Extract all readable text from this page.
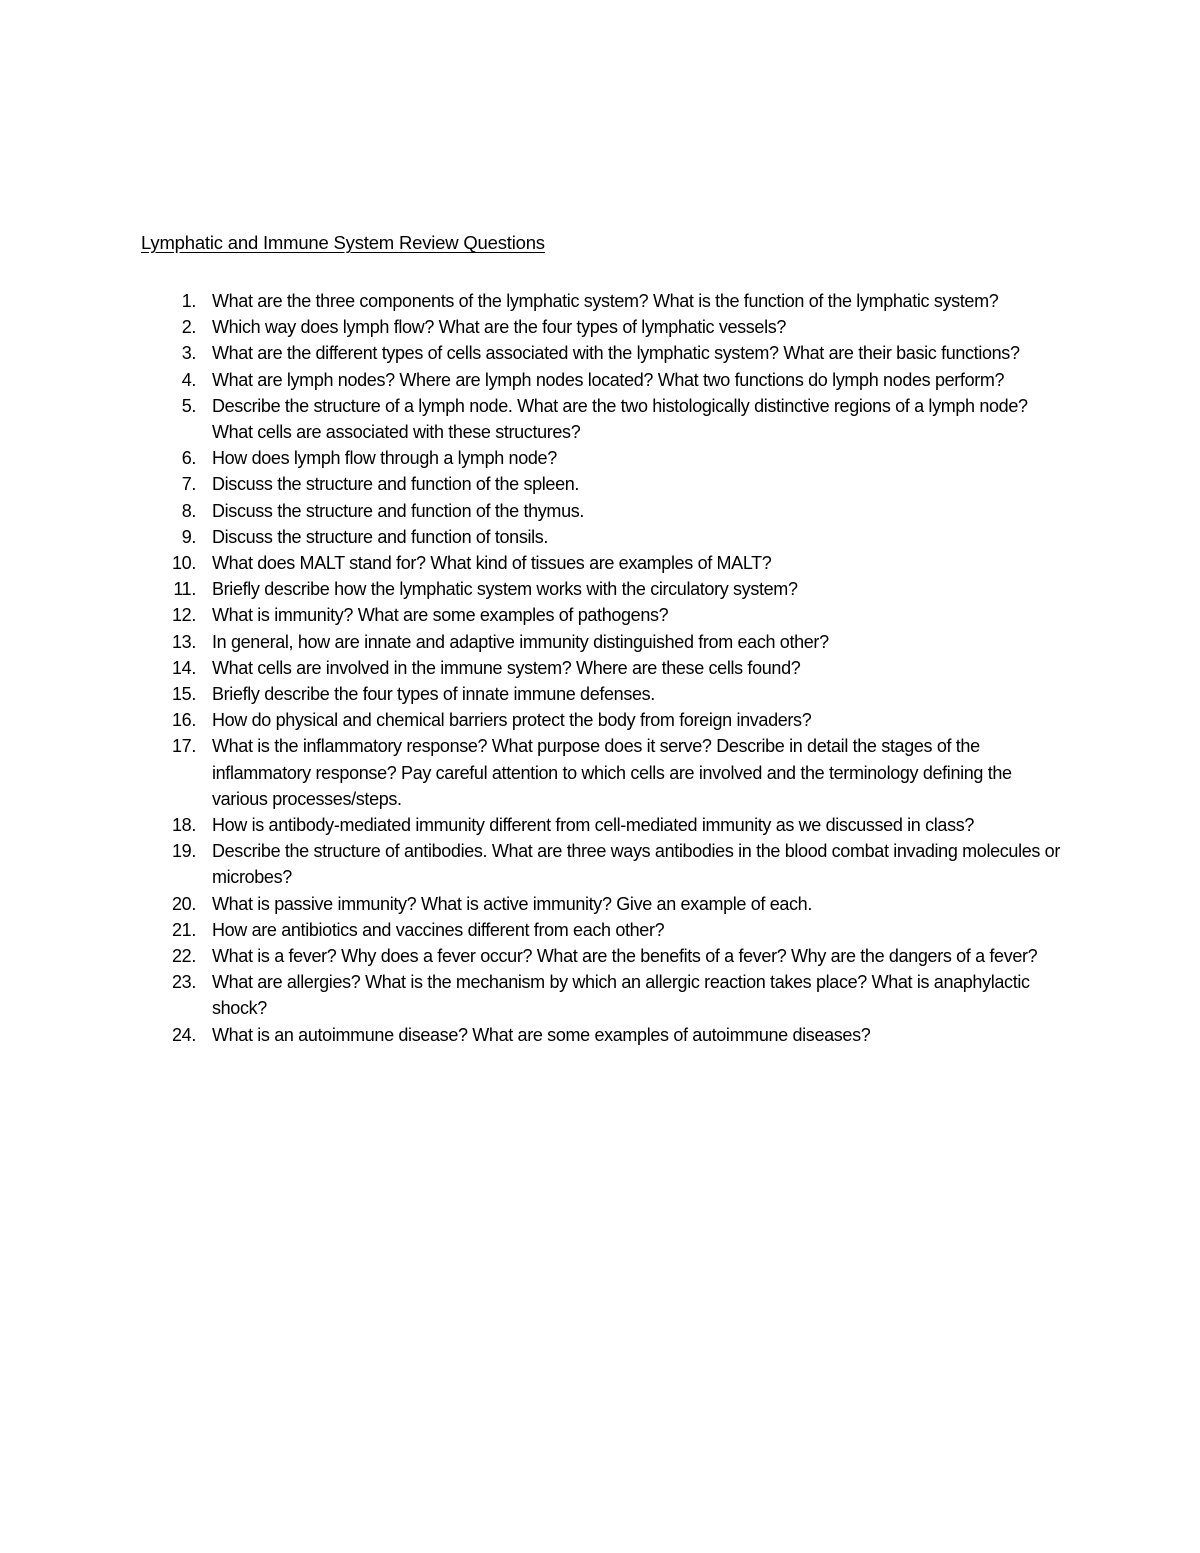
Lymphatic and Immune System Review Questions
1. What are the three components of the lymphatic system? What is the function of the lymphatic system?
2. Which way does lymph flow? What are the four types of lymphatic vessels?
3. What are the different types of cells associated with the lymphatic system? What are their basic functions?
4. What are lymph nodes? Where are lymph nodes located? What two functions do lymph nodes perform?
5. Describe the structure of a lymph node. What are the two histologically distinctive regions of a lymph node? What cells are associated with these structures?
6. How does lymph flow through a lymph node?
7. Discuss the structure and function of the spleen.
8. Discuss the structure and function of the thymus.
9. Discuss the structure and function of tonsils.
10. What does MALT stand for? What kind of tissues are examples of MALT?
11. Briefly describe how the lymphatic system works with the circulatory system?
12. What is immunity? What are some examples of pathogens?
13. In general, how are innate and adaptive immunity distinguished from each other?
14. What cells are involved in the immune system? Where are these cells found?
15. Briefly describe the four types of innate immune defenses.
16. How do physical and chemical barriers protect the body from foreign invaders?
17. What is the inflammatory response? What purpose does it serve? Describe in detail the stages of the inflammatory response? Pay careful attention to which cells are involved and the terminology defining the various processes/steps.
18. How is antibody-mediated immunity different from cell-mediated immunity as we discussed in class?
19. Describe the structure of antibodies. What are three ways antibodies in the blood combat invading molecules or microbes?
20. What is passive immunity? What is active immunity? Give an example of each.
21. How are antibiotics and vaccines different from each other?
22. What is a fever? Why does a fever occur? What are the benefits of a fever? Why are the dangers of a fever?
23. What are allergies? What is the mechanism by which an allergic reaction takes place? What is anaphylactic shock?
24. What is an autoimmune disease? What are some examples of autoimmune diseases?
